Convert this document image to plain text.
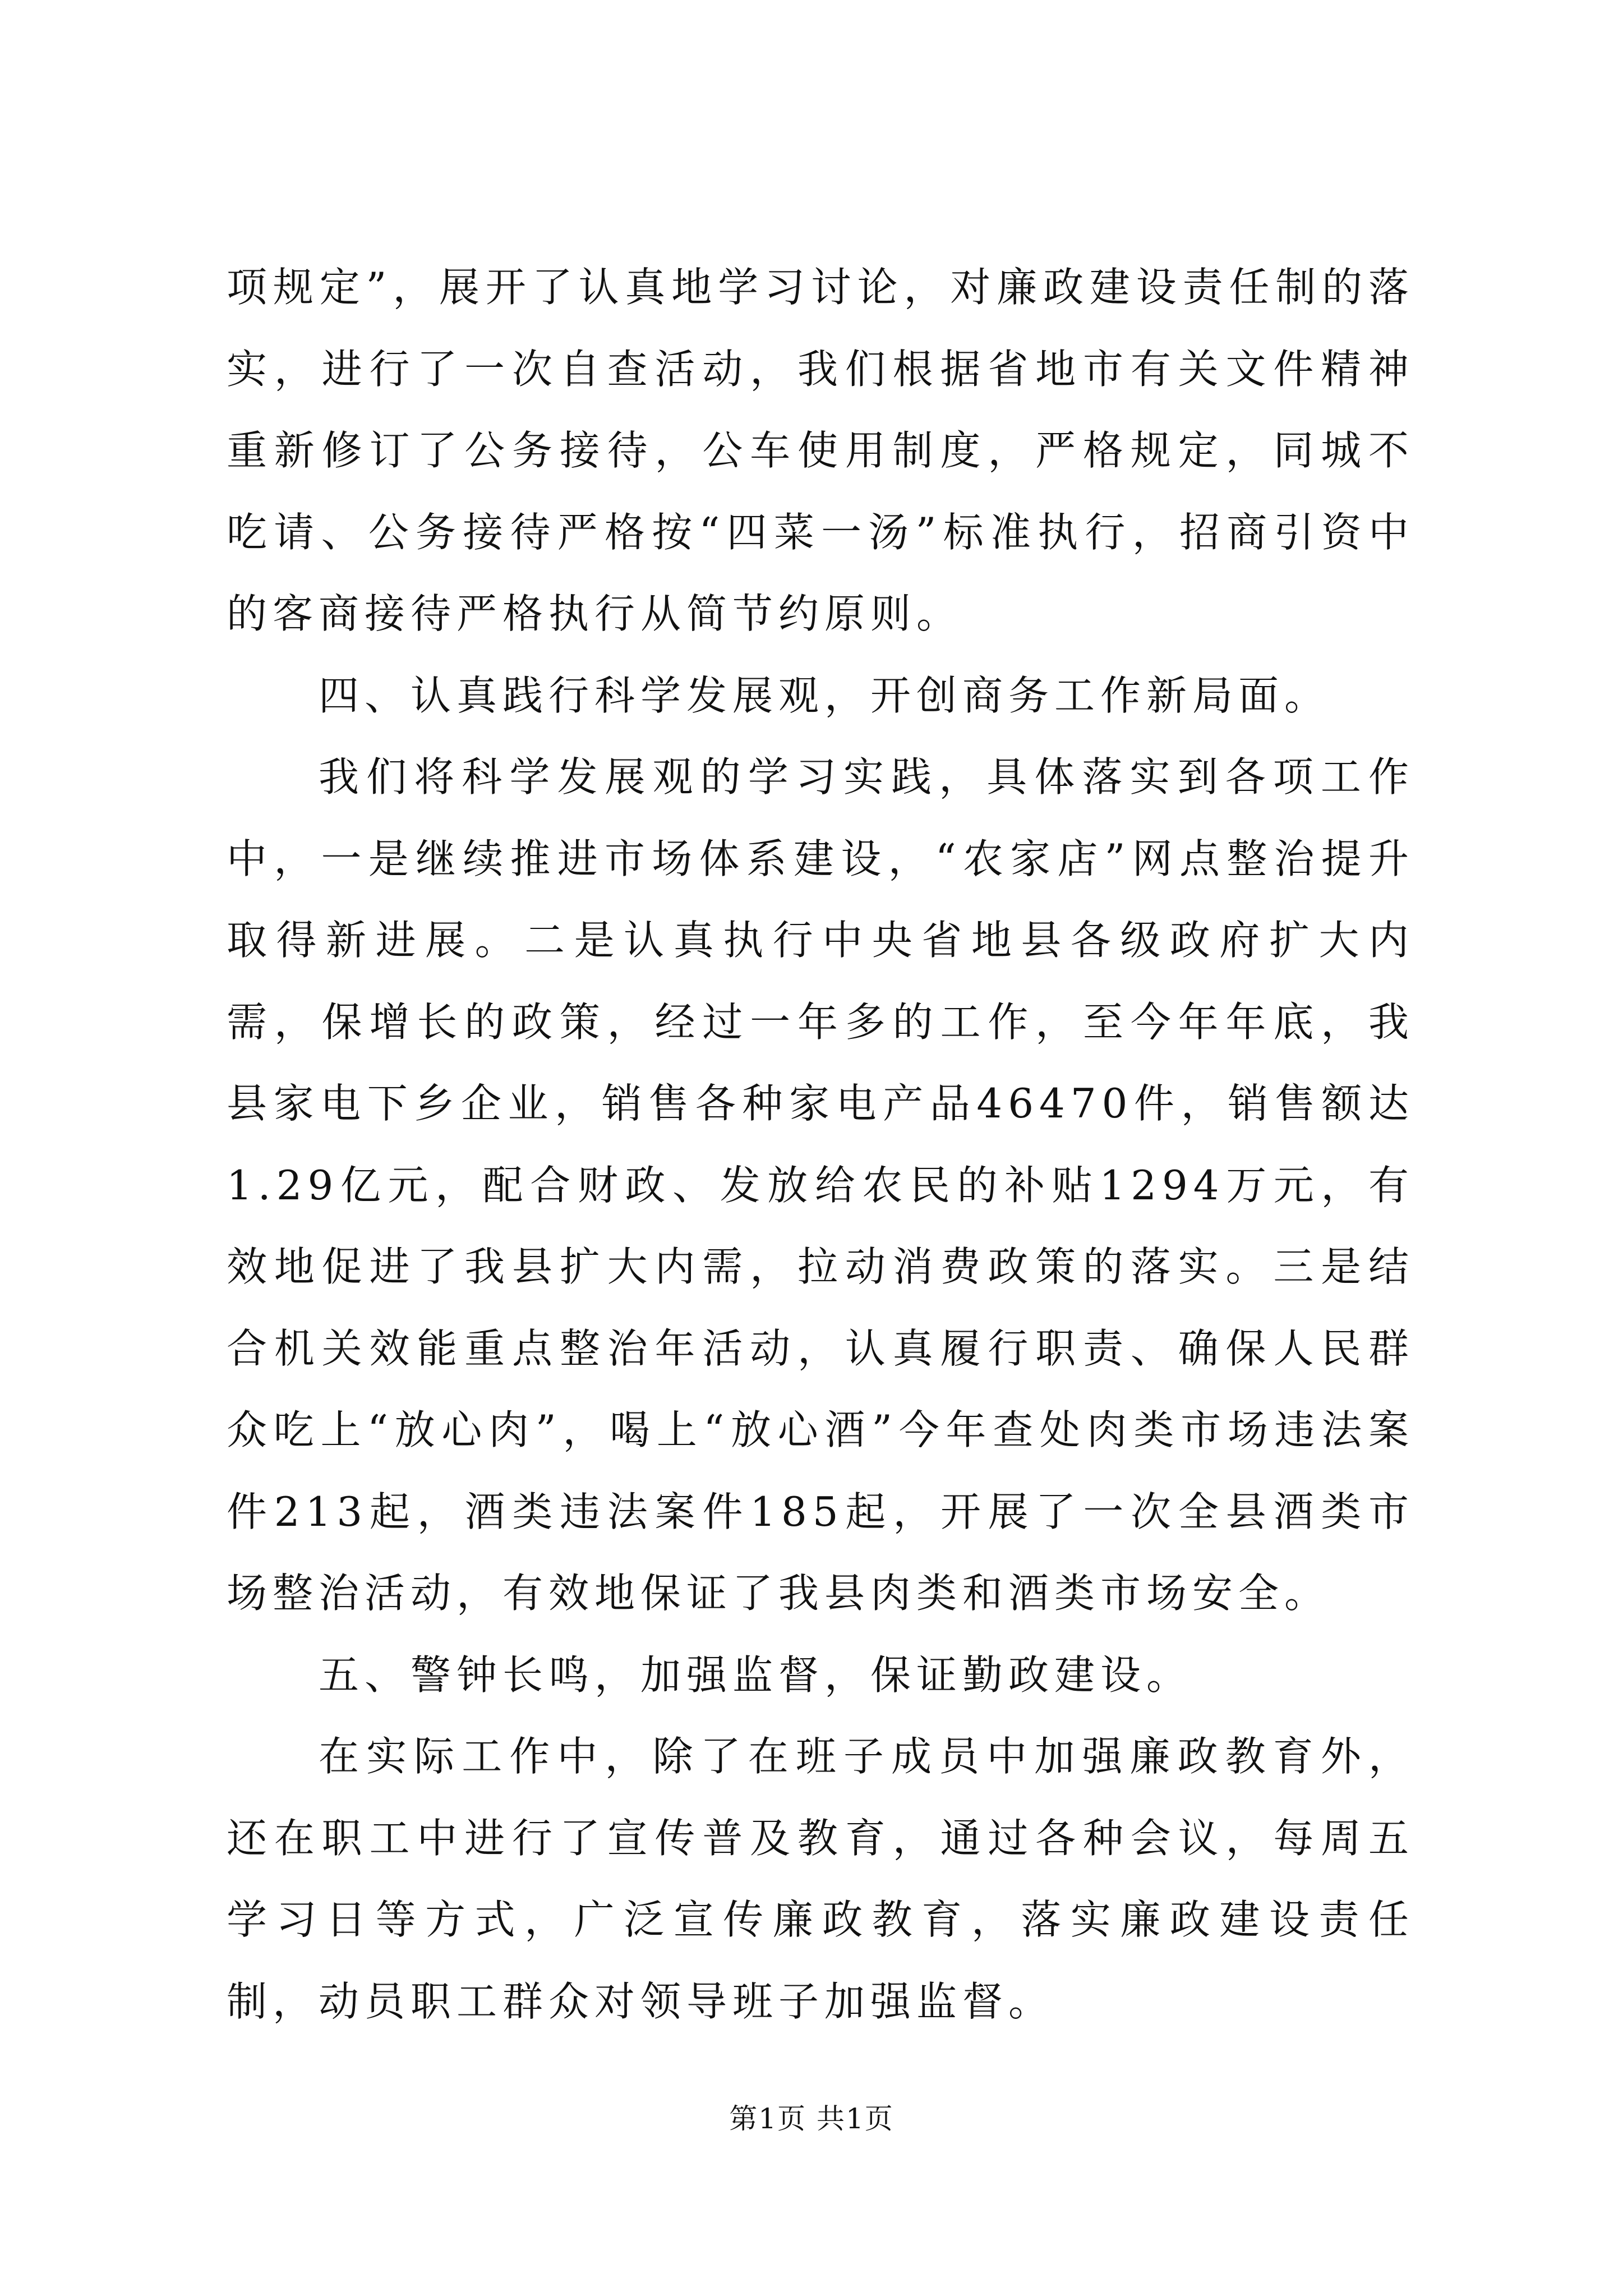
项规定”，展开了认真地学习讨论，对廉政建设责任制的落实，进行了一次自查活动，我们根据省地市有关文件精神重新修订了公务接待，公车使用制度，严格规定，同城不吃请、公务接待严格按“四菜一汤”标准执行，招商引资中的客商接待严格执行从简节约原则。

四、认真践行科学发展观，开创商务工作新局面。

我们将科学发展观的学习实践，具体落实到各项工作中，一是继续推进市场体系建设，“农家店”网点整治提升取得新进展。二是认真执行中央省地县各级政府扩大内需，保增长的政策，经过一年多的工作，至今年年底，我县家电下乡企业，销售各种家电产品46470件，销售额达1.29亿元，配合财政、发放给农民的补贴1294万元，有效地促进了我县扩大内需，拉动消费政策的落实。三是结合机关效能重点整治年活动，认真履行职责、确保人民群众吃上“放心肉”，喝上“放心酒”今年查处肉类市场违法案件213起，酒类违法案件185起，开展了一次全县酒类市场整治活动，有效地保证了我县肉类和酒类市场安全。

五、警钟长鸣，加强监督，保证勤政建设。

在实际工作中，除了在班子成员中加强廉政教育外，还在职工中进行了宣传普及教育，通过各种会议，每周五学习日等方式，广泛宣传廉政教育，落实廉政建设责任制，动员职工群众对领导班子加强监督。

第1页 共1页
